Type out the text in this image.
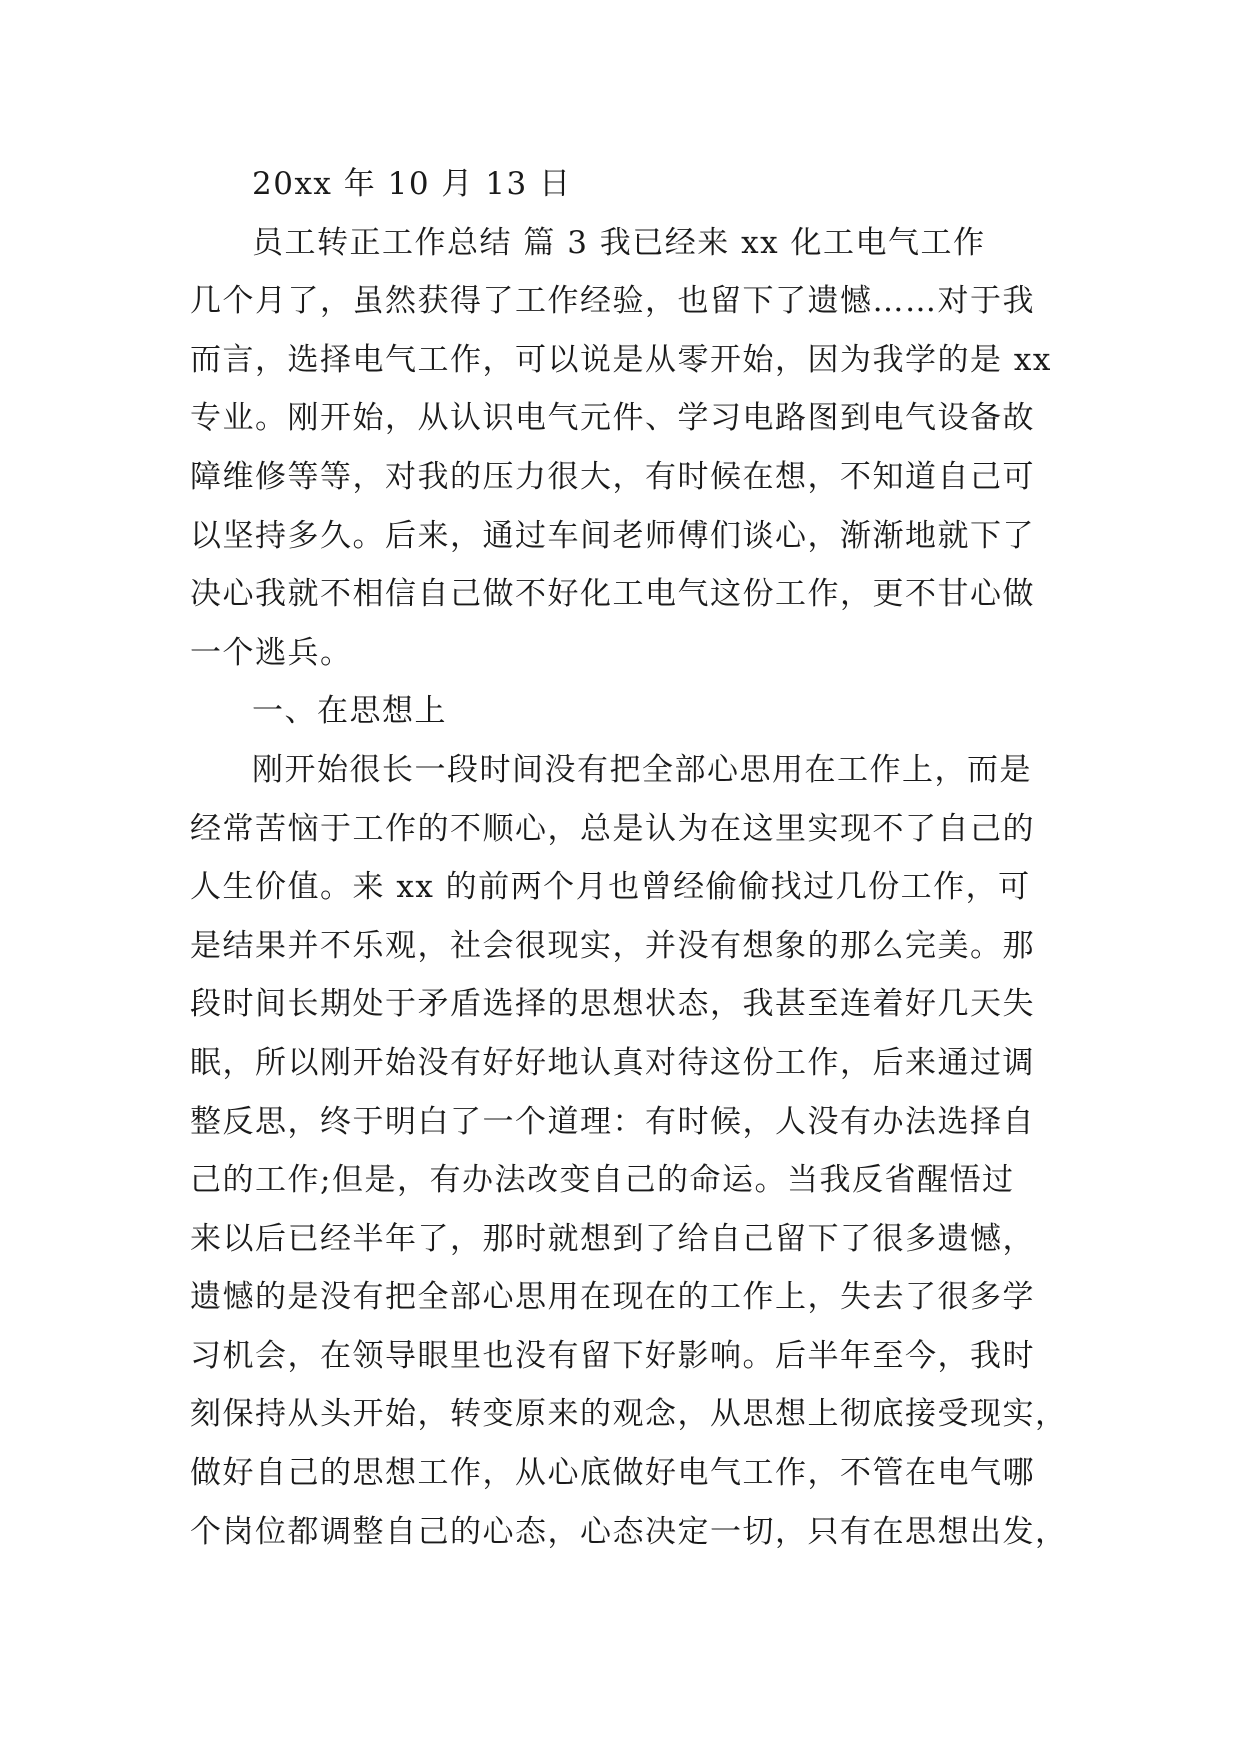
20xx 年 10 月 13 日
员工转正工作总结 篇 3 我已经来 xx 化工电气工作
几个月了，虽然获得了工作经验，也留下了遗憾……对于我
而言，选择电气工作，可以说是从零开始，因为我学的是 xx
专业。刚开始，从认识电气元件、学习电路图到电气设备故
障维修等等，对我的压力很大，有时候在想，不知道自己可
以坚持多久。后来，通过车间老师傅们谈心，渐渐地就下了
决心我就不相信自己做不好化工电气这份工作，更不甘心做
一个逃兵。
一、在思想上
刚开始很长一段时间没有把全部心思用在工作上，而是
经常苦恼于工作的不顺心，总是认为在这里实现不了自己的
人生价值。来 xx 的前两个月也曾经偷偷找过几份工作，可
是结果并不乐观，社会很现实，并没有想象的那么完美。那
段时间长期处于矛盾选择的思想状态，我甚至连着好几天失
眠，所以刚开始没有好好地认真对待这份工作，后来通过调
整反思，终于明白了一个道理：有时候，人没有办法选择自
己的工作;但是，有办法改变自己的命运。当我反省醒悟过
来以后已经半年了，那时就想到了给自己留下了很多遗憾，
遗憾的是没有把全部心思用在现在的工作上，失去了很多学
习机会，在领导眼里也没有留下好影响。后半年至今，我时
刻保持从头开始，转变原来的观念，从思想上彻底接受现实，
做好自己的思想工作，从心底做好电气工作，不管在电气哪
个岗位都调整自己的心态，心态决定一切，只有在思想出发，
